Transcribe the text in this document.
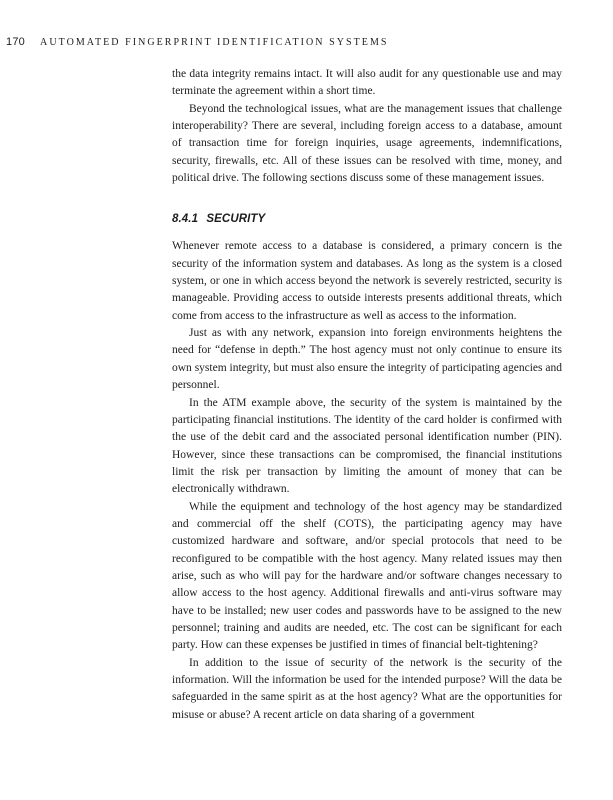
170 AUTOMATED FINGERPRINT IDENTIFICATION SYSTEMS

the data integrity remains intact. It will also audit for any questionable use and may terminate the agreement within a short time.

Beyond the technological issues, what are the management issues that challenge interoperability? There are several, including foreign access to a database, amount of transaction time for foreign inquiries, usage agreements, indemnifications, security, firewalls, etc. All of these issues can be resolved with time, money, and political drive. The following sections discuss some of these management issues.

8.4.1 SECURITY

Whenever remote access to a database is considered, a primary concern is the security of the information system and databases. As long as the system is a closed system, or one in which access beyond the network is severely restricted, security is manageable. Providing access to outside interests presents additional threats, which come from access to the infrastructure as well as access to the information.

Just as with any network, expansion into foreign environments heightens the need for “defense in depth.” The host agency must not only continue to ensure its own system integrity, but must also ensure the integrity of participating agencies and personnel.

In the ATM example above, the security of the system is maintained by the participating financial institutions. The identity of the card holder is confirmed with the use of the debit card and the associated personal identification number (PIN). However, since these transactions can be compromised, the financial institutions limit the risk per transaction by limiting the amount of money that can be electronically withdrawn.

While the equipment and technology of the host agency may be standardized and commercial off the shelf (COTS), the participating agency may have customized hardware and software, and/or special protocols that need to be reconfigured to be compatible with the host agency. Many related issues may then arise, such as who will pay for the hardware and/or software changes necessary to allow access to the host agency. Additional firewalls and anti-virus software may have to be installed; new user codes and passwords have to be assigned to the new personnel; training and audits are needed, etc. The cost can be significant for each party. How can these expenses be justified in times of financial belt-tightening?

In addition to the issue of security of the network is the security of the information. Will the information be used for the intended purpose? Will the data be safeguarded in the same spirit as at the host agency? What are the opportunities for misuse or abuse? A recent article on data sharing of a government
